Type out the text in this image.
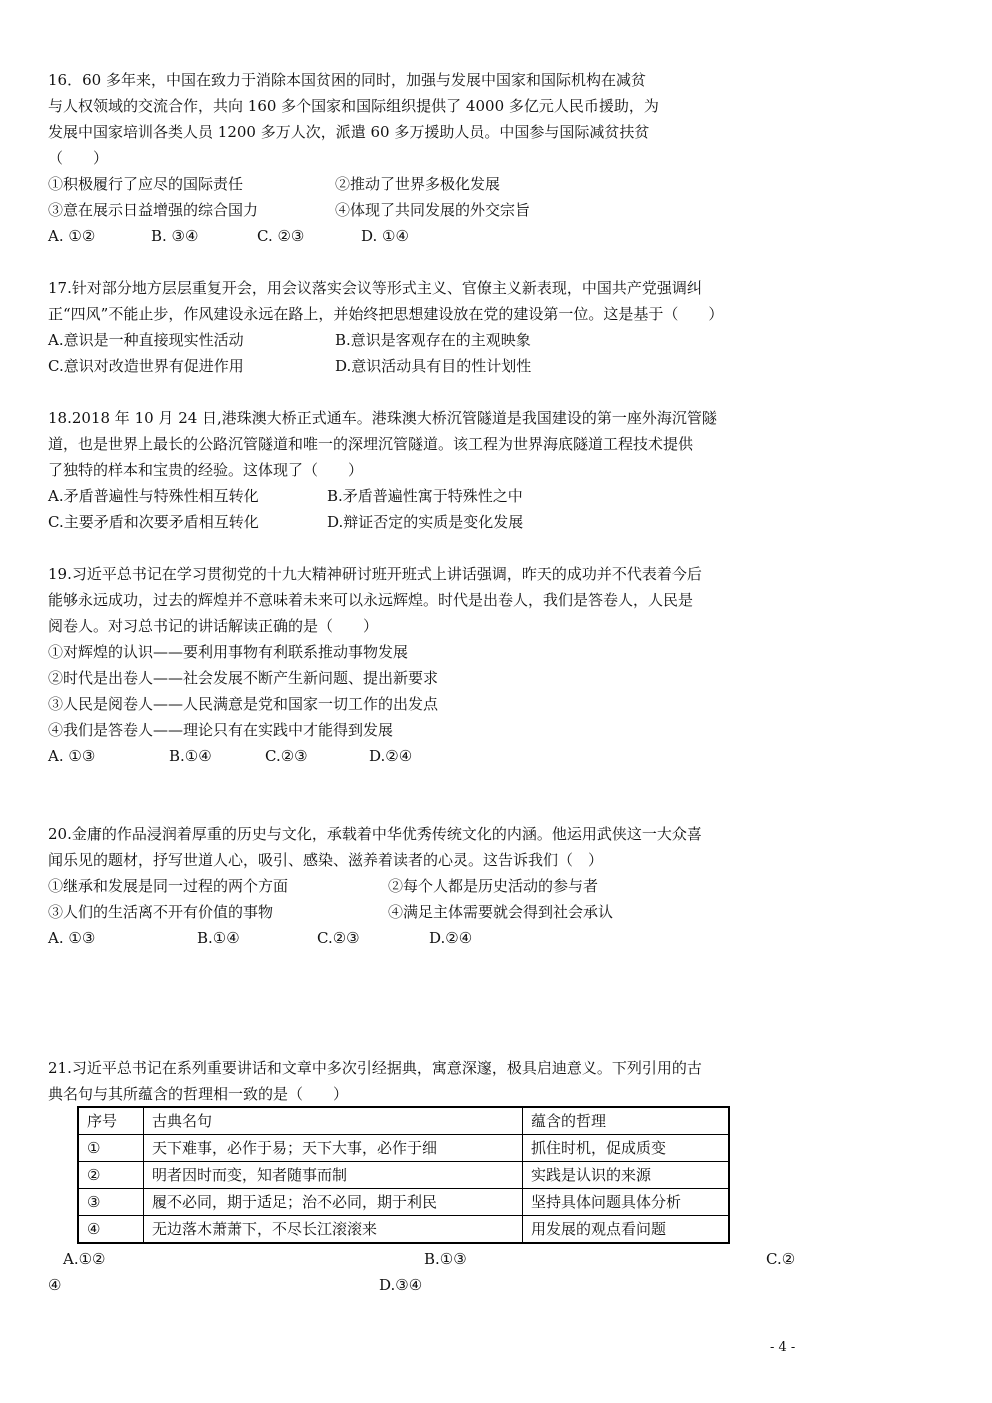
16．60 多年来，中国在致力于消除本国贫困的同时，加强与发展中国家和国际机构在减贫
与人权领域的交流合作，共向 160 多个国家和国际组织提供了 4000 多亿元人民币援助，为
发展中国家培训各类人员 1200 多万人次，派遣 60 多万援助人员。中国参与国际减贫扶贫
（　　）
①积极履行了应尽的国际责任	②推动了世界多极化发展
③意在展示日益增强的综合国力	④体现了共同发展的外交宗旨
A. ①②	B. ③④	C. ②③	D. ①④
17.针对部分地方层层重复开会，用会议落实会议等形式主义、官僚主义新表现，中国共产党强调纠
正“四风”不能止步，作风建设永远在路上，并始终把思想建设放在党的建设第一位。这是基于（　　）
A.意识是一种直接现实性活动	B.意识是客观存在的主观映象
C.意识对改造世界有促进作用	D.意识活动具有目的性计划性
18.2018 年 10 月 24 日,港珠澳大桥正式通车。港珠澳大桥沉管隧道是我国建设的第一座外海沉管隧
道，也是世界上最长的公路沉管隧道和唯一的深埋沉管隧道。该工程为世界海底隧道工程技术提供
了独特的样本和宝贵的经验。这体现了（　　）
A.矛盾普遍性与特殊性相互转化	B.矛盾普遍性寓于特殊性之中
C.主要矛盾和次要矛盾相互转化	D.辩证否定的实质是变化发展
19.习近平总书记在学习贯彻党的十九大精神研讨班开班式上讲话强调，昨天的成功并不代表着今后
能够永远成功，过去的辉煌并不意味着未来可以永远辉煌。时代是出卷人，我们是答卷人，人民是
阅卷人。对习总书记的讲话解读正确的是（　　）
①对辉煌的认识——要利用事物有利联系推动事物发展
②时代是出卷人——社会发展不断产生新问题、提出新要求
③人民是阅卷人——人民满意是党和国家一切工作的出发点
④我们是答卷人——理论只有在实践中才能得到发展
A. ①③	B.①④	C.②③	D.②④
20.金庸的作品浸润着厚重的历史与文化，承载着中华优秀传统文化的内涵。他运用武侠这一大众喜
闻乐见的题材，抒写世道人心，吸引、感染、滋养着读者的心灵。这告诉我们（　）
①继承和发展是同一过程的两个方面	②每个人都是历史活动的参与者
③人们的生活离不开有价值的事物	④满足主体需要就会得到社会承认
A. ①③	B.①④	C.②③	D.②④
21.习近平总书记在系列重要讲话和文章中多次引经据典，寓意深邃，极具启迪意义。下列引用的古
典名句与其所蕴含的哲理相一致的是（　　）
序号	古典名句	蕴含的哲理
①	天下难事，必作于易；天下大事，必作于细	抓住时机，促成质变
②	明者因时而变，知者随事而制	实践是认识的来源
③	履不必同，期于适足；治不必同，期于利民	坚持具体问题具体分析
④	无边落木萧萧下，不尽长江滚滚来	用发展的观点看问题
A.①②	B.①③	C.②
④	D.③④
- 4 -
